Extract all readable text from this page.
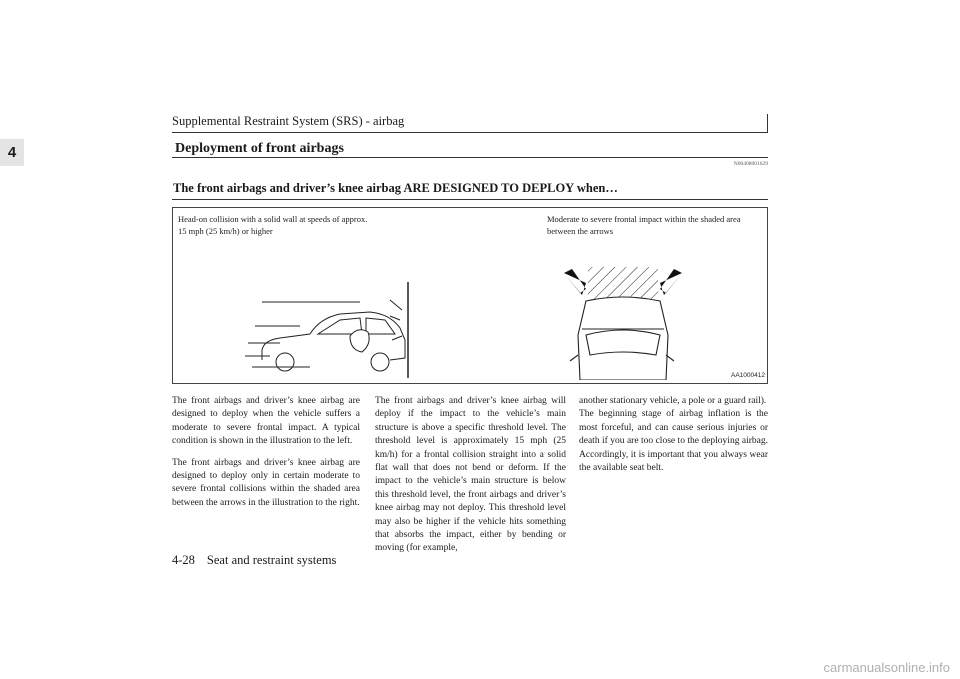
Supplemental Restraint System (SRS) - airbag
4	Deployment of front airbags
N00408001629
The front airbags and driver’s knee airbag ARE DESIGNED TO DEPLOY when…
Head-on collision with a solid wall at speeds of approx. 15 mph (25 km/h) or higher
Moderate to severe frontal impact within the shaded area between the arrows
AA1000412

The front airbags and driver’s knee airbag are designed to deploy when the vehicle suffers a moderate to severe frontal impact. A typical condition is shown in the illustration to the left.

The front airbags and driver’s knee airbag are designed to deploy only in certain moderate to severe frontal collisions within the shaded area between the arrows in the illustration to the right.

The front airbags and driver’s knee airbag will deploy if the impact to the vehicle’s main structure is above a specific threshold level. The threshold level is approximately 15 mph (25 km/h) for a frontal collision straight into a solid flat wall that does not bend or deform. If the impact to the vehicle’s main structure is below this threshold level, the front airbags and driver’s knee airbag may not deploy. This threshold level may also be higher if the vehicle hits something that absorbs the impact, either by bending or moving (for example,

another stationary vehicle, a pole or a guard rail).

The beginning stage of airbag inflation is the most forceful, and can cause serious injuries or death if you are too close to the deploying airbag. Accordingly, it is important that you always wear the available seat belt.

4-28 Seat and restraint systems
carmanualsonline.info
